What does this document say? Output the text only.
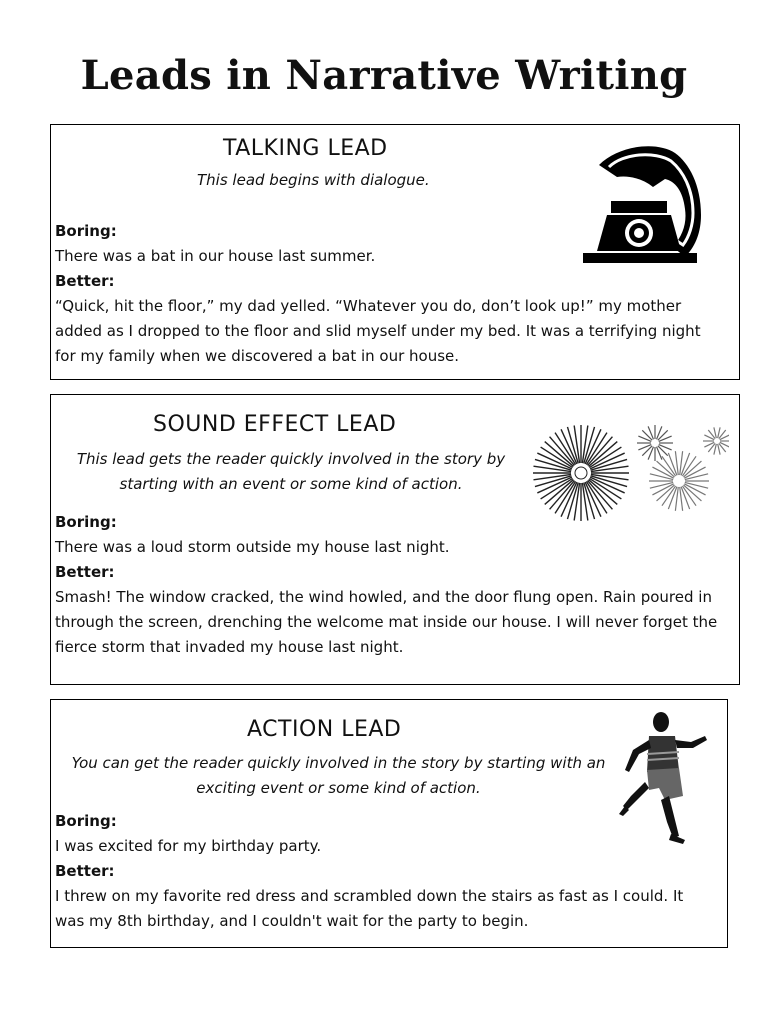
Leads in Narrative Writing
TALKING LEAD
This lead begins with dialogue.

Boring:

There was a bat in our house last summer.

Better:

“Quick, hit the floor,” my dad yelled. “Whatever you do, don’t look up!” my mother added as I dropped to the floor and slid myself under my bed. It was a terrifying night for my family when we discovered a bat in our house.

SOUND EFFECT LEAD
This lead gets the reader quickly involved in the story by starting with an event or some kind of action.

Boring:

There was a loud storm outside my house last night.

Better:

Smash! The window cracked, the wind howled, and the door flung open. Rain poured in through the screen, drenching the welcome mat inside our house. I will never forget the fierce storm that invaded my house last night.

ACTION LEAD
You can get the reader quickly involved in the story by starting with an exciting event or some kind of action.

Boring:

I was excited for my birthday party.

Better:

I threw on my favorite red dress and scrambled down the stairs as fast as I could. It was my 8th birthday, and I couldn't wait for the party to begin.
